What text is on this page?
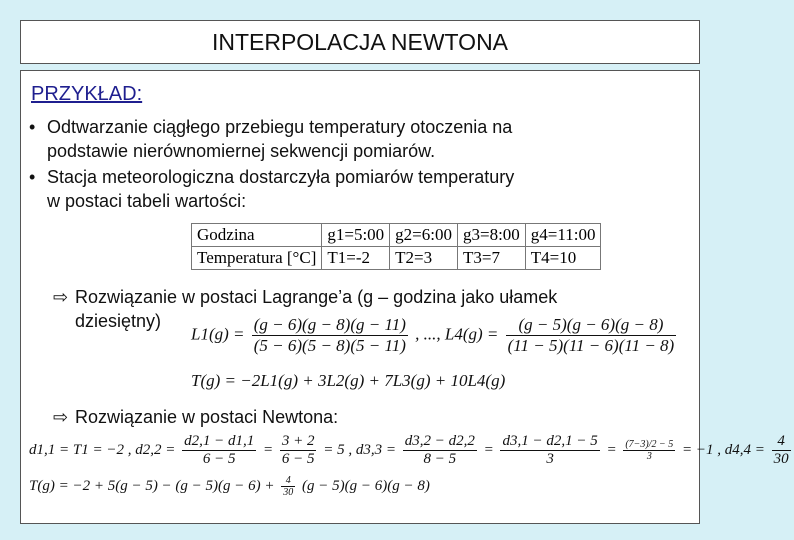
INTERPOLACJA NEWTONA
PRZYKŁAD:
• Odtwarzanie ciągłego przebiegu temperatury otoczenia na
podstawie nierównomiernej sekwencji pomiarów.
• Stacja meteorologiczna dostarczyła pomiarów temperatury
w postaci tabeli wartości:
Godzina	g1=5:00	g2=6:00	g3=8:00	g4=11:00
Temperatura [°C]	T1=-2	T2=3	T3=7	T4=10
⇨ Rozwiązanie w postaci Lagrange’a (g – godzina jako ułamek
dziesiętny)
$L1(g) = \frac{(g - 6)(g - 8)(g - 11)}{(5 - 6)(5 - 8)(5 - 11)}$ , ..., $L4(g) = \frac{(g - 5)(g - 6)(g - 8)}{(11 - 5)(11 - 6)(11 - 8)}$
T(g) = −2L1(g) + 3L2(g) + 7L3(g) + 10L4(g)
⇨ Rozwiązanie w postaci Newtona:
d1,1 = T1 = −2 , $d2,2 = \frac{d2,1 - d1,1}{6 - 5} = \frac{3 + 2}{6 - 5} = 5$ , $d3,3 = \frac{d3,2 - d2,2}{8 - 5} = \frac{d3,1 - d2,1 - 5}{3} = \frac{(7-3)/2 - 5}{3} = -1$ , $d4,4 = \frac{4}{30}$
$T(g) = -2 + 5(g - 5) - (g - 5)(g - 6) + \frac{4}{30} (g - 5)(g - 6)(g - 8)$
